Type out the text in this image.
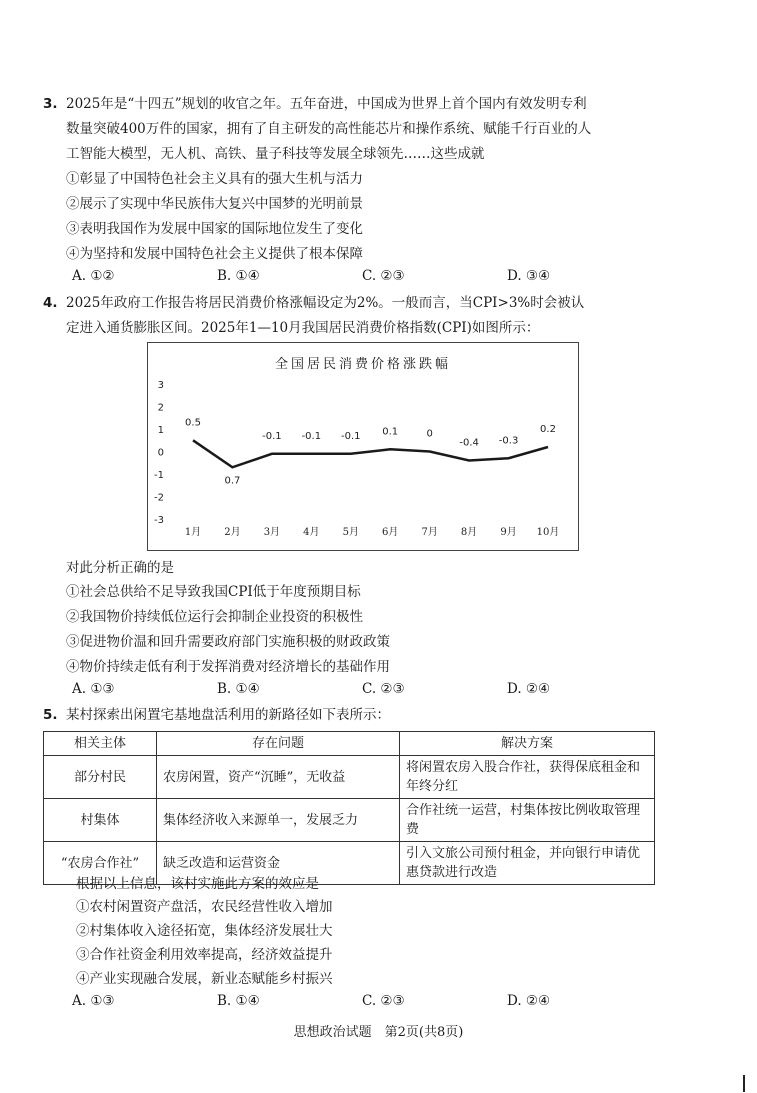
3. 2025年是“十四五”规划的收官之年。五年奋进，中国成为世界上首个国内有效发明专利
数量突破400万件的国家，拥有了自主研发的高性能芯片和操作系统、赋能千行百业的人
工智能大模型，无人机、高铁、量子科技等发展全球领先……这些成就
①彰显了中国特色社会主义具有的强大生机与活力
②展示了实现中华民族伟大复兴中国梦的光明前景
③表明我国作为发展中国家的国际地位发生了变化
④为坚持和发展中国特色社会主义提供了根本保障
A. ①②	B. ①④	C. ②③	D. ③④
4. 2025年政府工作报告将居民消费价格涨幅设定为2%。一般而言，当CPI>3%时会被认
定进入通货膨胀区间。2025年1—10月我国居民消费价格指数(CPI)如图所示：
全国居民消费价格涨跌幅
3
2
1
0
-1
-2
-3
1月 2月 3月 4月 5月 6月 7月 8月 9月 10月
0.5
0.7
-0.1 -0.1 -0.1 0.1	0
-0.4 -0.3
0.2
对此分析正确的是
①社会总供给不足导致我国CPI低于年度预期目标
②我国物价持续低位运行会抑制企业投资的积极性
③促进物价温和回升需要政府部门实施积极的财政政策
④物价持续走低有利于发挥消费对经济增长的基础作用
A. ①③	B. ①④	C. ②③	D. ②④
5. 某村探索出闲置宅基地盘活利用的新路径如下表所示：
相关主体	存在问题	解决方案
部分村民	农房闲置，资产“沉睡”，无收益	将闲置农房入股合作社，获得保底租金和年终分红
村集体	集体经济收入来源单一，发展乏力	合作社统一运营，村集体按比例收取管理费
“农房合作社”	缺乏改造和运营资金	引入文旅公司预付租金，并向银行申请优惠贷款进行改造
根据以上信息，该村实施此方案的效应是
①农村闲置资产盘活，农民经营性收入增加
②村集体收入途径拓宽，集体经济发展壮大
③合作社资金利用效率提高，经济效益提升
④产业实现融合发展，新业态赋能乡村振兴
A. ①③	B. ①④	C. ②③	D. ②④
思想政治试题　第2页(共8页)
